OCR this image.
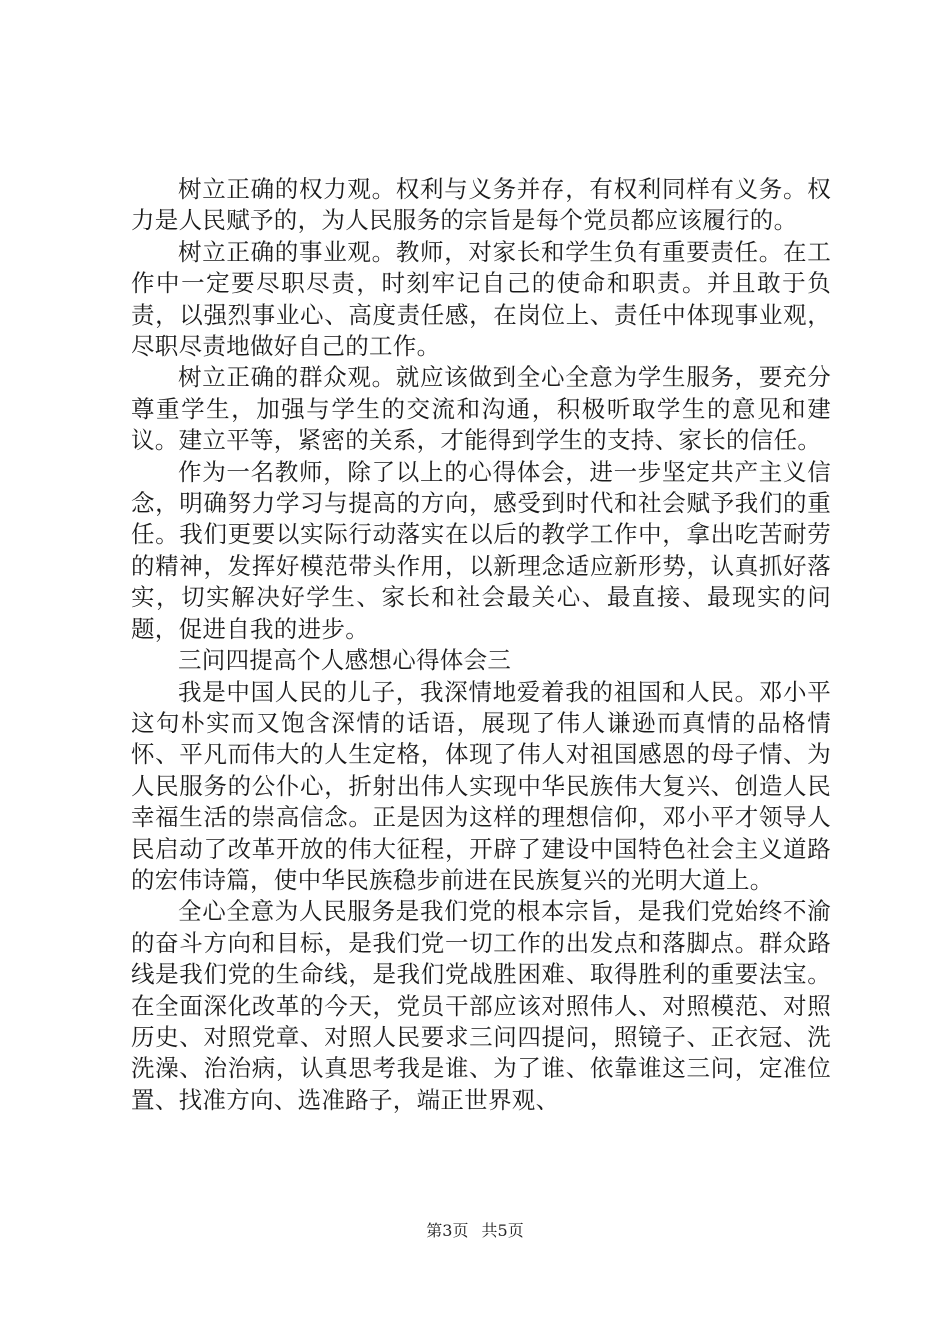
树立正确的权力观。权利与义务并存，有权利同样有义务。权力是人民赋予的，为人民服务的宗旨是每个党员都应该履行的。

树立正确的事业观。教师，对家长和学生负有重要责任。在工作中一定要尽职尽责，时刻牢记自己的使命和职责。并且敢于负责，以强烈事业心、高度责任感，在岗位上、责任中体现事业观，尽职尽责地做好自己的工作。

树立正确的群众观。就应该做到全心全意为学生服务，要充分尊重学生，加强与学生的交流和沟通，积极听取学生的意见和建议。建立平等，紧密的关系，才能得到学生的支持、家长的信任。

作为一名教师，除了以上的心得体会，进一步坚定共产主义信念，明确努力学习与提高的方向，感受到时代和社会赋予我们的重任。我们更要以实际行动落实在以后的教学工作中，拿出吃苦耐劳的精神，发挥好模范带头作用，以新理念适应新形势，认真抓好落实，切实解决好学生、家长和社会最关心、最直接、最现实的问题，促进自我的进步。

三问四提高个人感想心得体会三

我是中国人民的儿子，我深情地爱着我的祖国和人民。邓小平这句朴实而又饱含深情的话语，展现了伟人谦逊而真情的品格情怀、平凡而伟大的人生定格，体现了伟人对祖国感恩的母子情、为人民服务的公仆心，折射出伟人实现中华民族伟大复兴、创造人民幸福生活的崇高信念。正是因为这样的理想信仰，邓小平才领导人民启动了改革开放的伟大征程，开辟了建设中国特色社会主义道路的宏伟诗篇，使中华民族稳步前进在民族复兴的光明大道上。

全心全意为人民服务是我们党的根本宗旨，是我们党始终不渝的奋斗方向和目标，是我们党一切工作的出发点和落脚点。群众路线是我们党的生命线，是我们党战胜困难、取得胜利的重要法宝。在全面深化改革的今天，党员干部应该对照伟人、对照模范、对照历史、对照党章、对照人民要求三问四提问，照镜子、正衣冠、洗洗澡、治治病，认真思考我是谁、为了谁、依靠谁这三问，定准位置、找准方向、选准路子，端正世界观、

第3页 共5页
